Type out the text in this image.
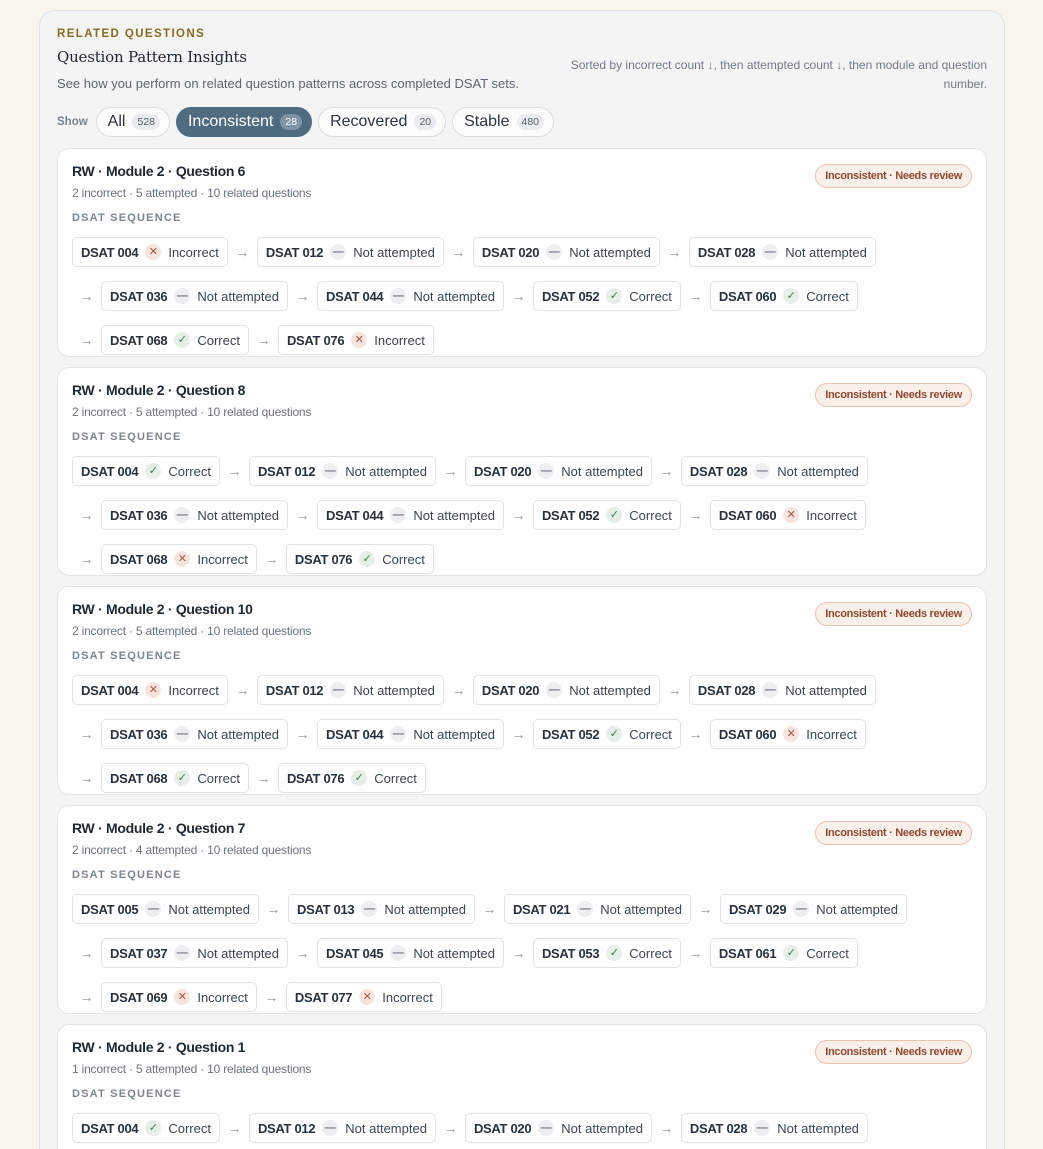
RELATED QUESTIONS
Question Pattern Insights
See how you perform on related question patterns across completed DSAT sets.
Sorted by incorrect count ↓, then attempted count ↓, then module and question number.
Show All	528	Inconsistent	28	Recovered	20	Stable	480
RW · Module 2 · Question 6
2 incorrect · 5 attempted · 10 related questions
Inconsistent · Needs review
DSAT SEQUENCE
DSAT 004 ✕ Incorrect	→	DSAT 012 — Not attempted	→	DSAT 020 — Not attempted	→	DSAT 028 — Not attempted
→	DSAT 036 — Not attempted	→	DSAT 044 — Not attempted	→	DSAT 052 ✓ Correct	→	DSAT 060 ✓ Correct
→	DSAT 068 ✓ Correct	→	DSAT 076 ✕ Incorrect
RW · Module 2 · Question 8
2 incorrect · 5 attempted · 10 related questions
Inconsistent · Needs review
DSAT SEQUENCE
DSAT 004 ✓ Correct	→	DSAT 012 — Not attempted	→	DSAT 020 — Not attempted	→	DSAT 028 — Not attempted
→	DSAT 036 — Not attempted	→	DSAT 044 — Not attempted	→	DSAT 052 ✓ Correct	→	DSAT 060 ✕ Incorrect
→	DSAT 068 ✕ Incorrect	→	DSAT 076 ✓ Correct
RW · Module 2 · Question 10
2 incorrect · 5 attempted · 10 related questions
Inconsistent · Needs review
DSAT SEQUENCE
DSAT 004 ✕ Incorrect	→	DSAT 012 — Not attempted	→	DSAT 020 — Not attempted	→	DSAT 028 — Not attempted
→	DSAT 036 — Not attempted	→	DSAT 044 — Not attempted	→	DSAT 052 ✓ Correct	→	DSAT 060 ✕ Incorrect
→	DSAT 068 ✓ Correct	→	DSAT 076 ✓ Correct
RW · Module 2 · Question 7
2 incorrect · 4 attempted · 10 related questions
Inconsistent · Needs review
DSAT SEQUENCE
DSAT 005 — Not attempted	→	DSAT 013 — Not attempted	→	DSAT 021 — Not attempted	→	DSAT 029 — Not attempted
→	DSAT 037 — Not attempted	→	DSAT 045 — Not attempted	→	DSAT 053 ✓ Correct	→	DSAT 061 ✓ Correct
→	DSAT 069 ✕ Incorrect	→	DSAT 077 ✕ Incorrect
RW · Module 2 · Question 1
1 incorrect · 5 attempted · 10 related questions
Inconsistent · Needs review
DSAT SEQUENCE
DSAT 004 ✓ Correct	→	DSAT 012 — Not attempted	→	DSAT 020 — Not attempted	→	DSAT 028 — Not attempted
